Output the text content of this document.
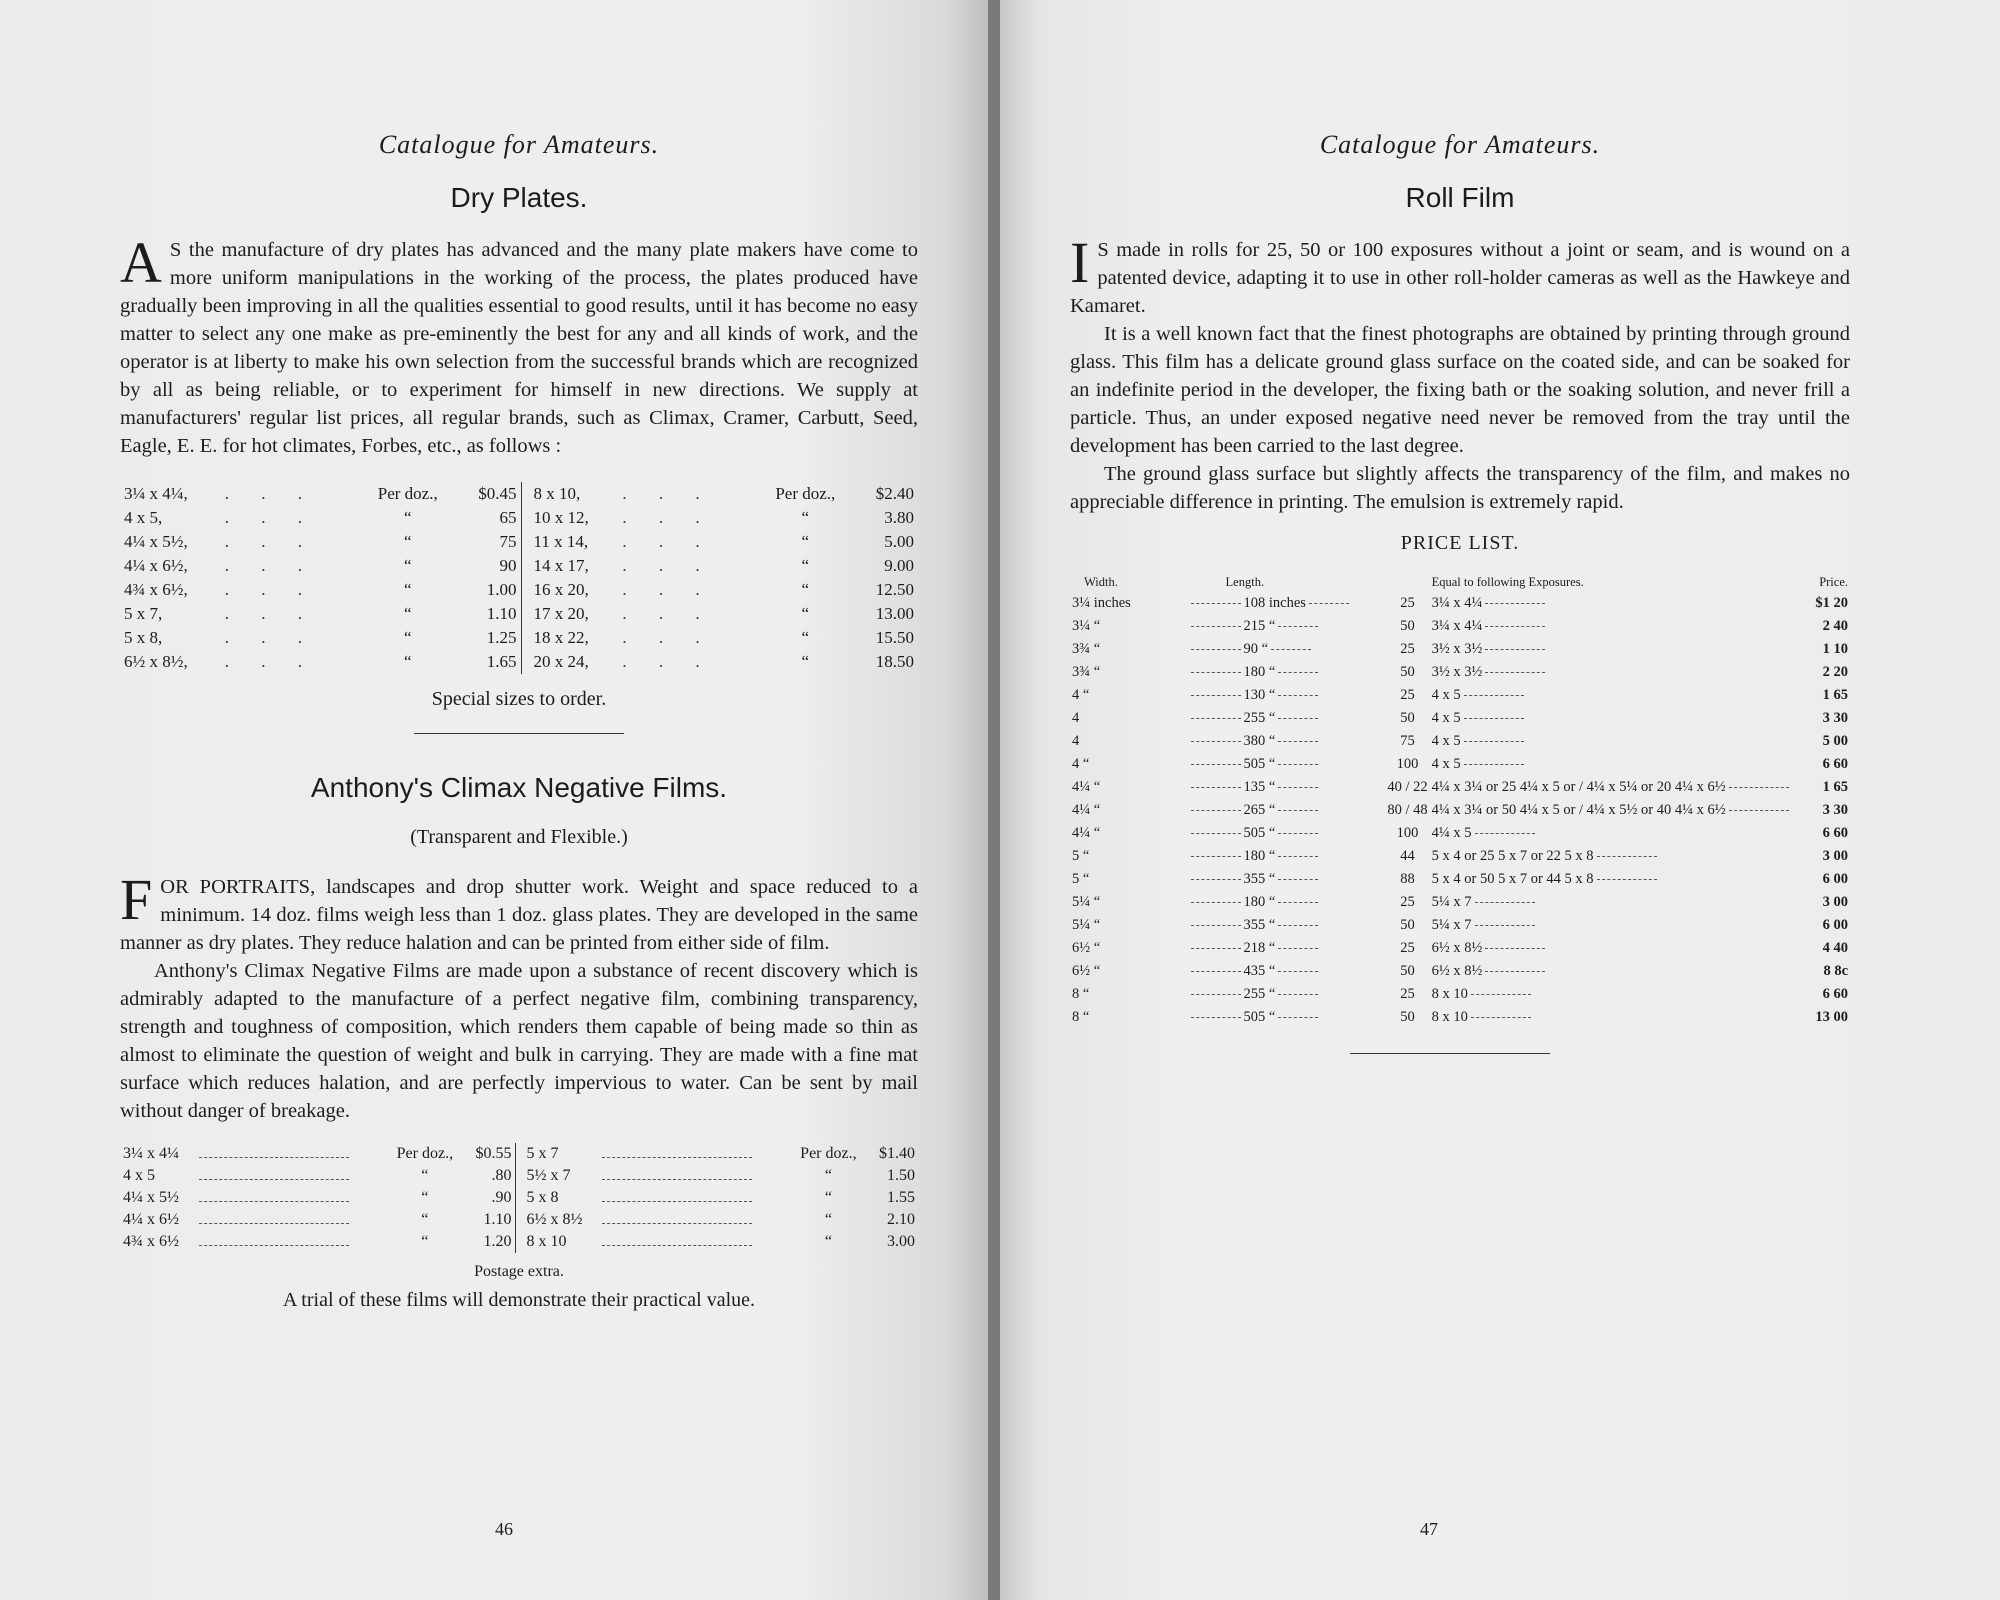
Catalogue for Amateurs.
Dry Plates.

A S the manufacture of dry plates has advanced and the many plate makers have come to more uniform manipulations in the working of the process, the plates produced have gradually been improving in all the qualities essential to good results, until it has become no easy matter to select any one make as pre-eminently the best for any and all kinds of work, and the operator is at liberty to make his own selection from the successful brands which are recognized by all as being reliable, or to experiment for himself in new directions. We supply at manufacturers' regular list prices, all regular brands, such as Climax, Cramer, Carbutt, Seed, Eagle, E. E. for hot climates, Forbes, etc., as follows :

3¼ x 4¼,	. . .	Per doz.,	$0.45		8 x 10,	. . .	Per doz.,	$2.40
4 x 5,	. . .	“	65		10 x 12,	. . .	“	3.80
4¼ x 5½,	. . .	“	75		11 x 14,	. . .	“	5.00
4¼ x 6½,	. . .	“	90		14 x 17,	. . .	“	9.00
4¾ x 6½,	. . .	“	1.00		16 x 20,	. . .	“	12.50
5 x 7,	. . .	“	1.10		17 x 20,	. . .	“	13.00
5 x 8,	. . .	“	1.25		18 x 22,	. . .	“	15.50
6½ x 8½,	. . .	“	1.65		20 x 24,	. . .	“	18.50
Special sizes to order.
Anthony's Climax Negative Films.
(Transparent and Flexible.)

FOR PORTRAITS, landscapes and drop shutter work. Weight and space reduced to a minimum. 14 doz. films weigh less than 1 doz. glass plates. They are developed in the same manner as dry plates. They reduce halation and can be printed from either side of film.

Anthony's Climax Negative Films are made upon a substance of recent discovery which is admirably adapted to the manufacture of a perfect negative film, combining transparency, strength and toughness of composition, which renders them capable of being made so thin as almost to eliminate the question of weight and bulk in carrying. They are made with a fine mat surface which reduces halation, and are perfectly impervious to water. Can be sent by mail without danger of breakage.

3¼ x 4¼		Per doz.,	$0.55		5 x 7		Per doz.,	$1.40
4 x 5		“	.80		5½ x 7		“	1.50
4¼ x 5½		“	.90		5 x 8		“	1.55
4¼ x 6½		“	1.10		6½ x 8½		“	2.10
4¾ x 6½		“	1.20		8 x 10		“	3.00
Postage extra.
A trial of these films will demonstrate their practical value.
46
Catalogue for Amateurs.
Roll Film

I S made in rolls for 25, 50 or 100 exposures without a joint or seam, and is wound on a patented device, adapting it to use in other roll-holder cameras as well as the Hawkeye and Kamaret.

It is a well known fact that the finest photographs are obtained by printing through ground glass. This film has a delicate ground glass surface on the coated side, and can be soaked for an indefinite period in the developer, the fixing bath or the soaking solution, and never frill a particle. Thus, an under exposed negative need never be removed from the tray until the development has been carried to the last degree.

The ground glass surface but slightly affects the transparency of the film, and makes no appreciable difference in printing. The emulsion is extremely rapid.

PRICE LIST.
Width.	Length.		Equal to following Exposures.	Price.
3¼ inches	108 inches	25	3¼ x 4¼	$1 20
3¼ “	215 “	50	3¼ x 4¼	2 40
3¾ “	90 “	25	3½ x 3½	1 10
3¾ “	180 “	50	3½ x 3½	2 20
4 “	130 “	25	4 x 5	1 65
4	255 “	50	4 x 5	3 30
4	380 “	75	4 x 5	5 00
4 “	505 “	100	4 x 5	6 60
4¼ “	135 “	40 / 22	4¼ x 3¼ or 25 4¼ x 5 or / 4¼ x 5¼ or 20 4¼ x 6½	1 65
4¼ “	265 “	80 / 48	4¼ x 3¼ or 50 4¼ x 5 or / 4¼ x 5½ or 40 4¼ x 6½	3 30
4¼ “	505 “	100	4¼ x 5	6 60
5 “	180 “	44	5 x 4 or 25 5 x 7 or 22 5 x 8	3 00
5 “	355 “	88	5 x 4 or 50 5 x 7 or 44 5 x 8	6 00
5¼ “	180 “	25	5¼ x 7	3 00
5¼ “	355 “	50	5¼ x 7	6 00
6½ “	218 “	25	6½ x 8½	4 40
6½ “	435 “	50	6½ x 8½	8 8c
8 “	255 “	25	8 x 10	6 60
8 “	505 “	50	8 x 10	13 00
47
